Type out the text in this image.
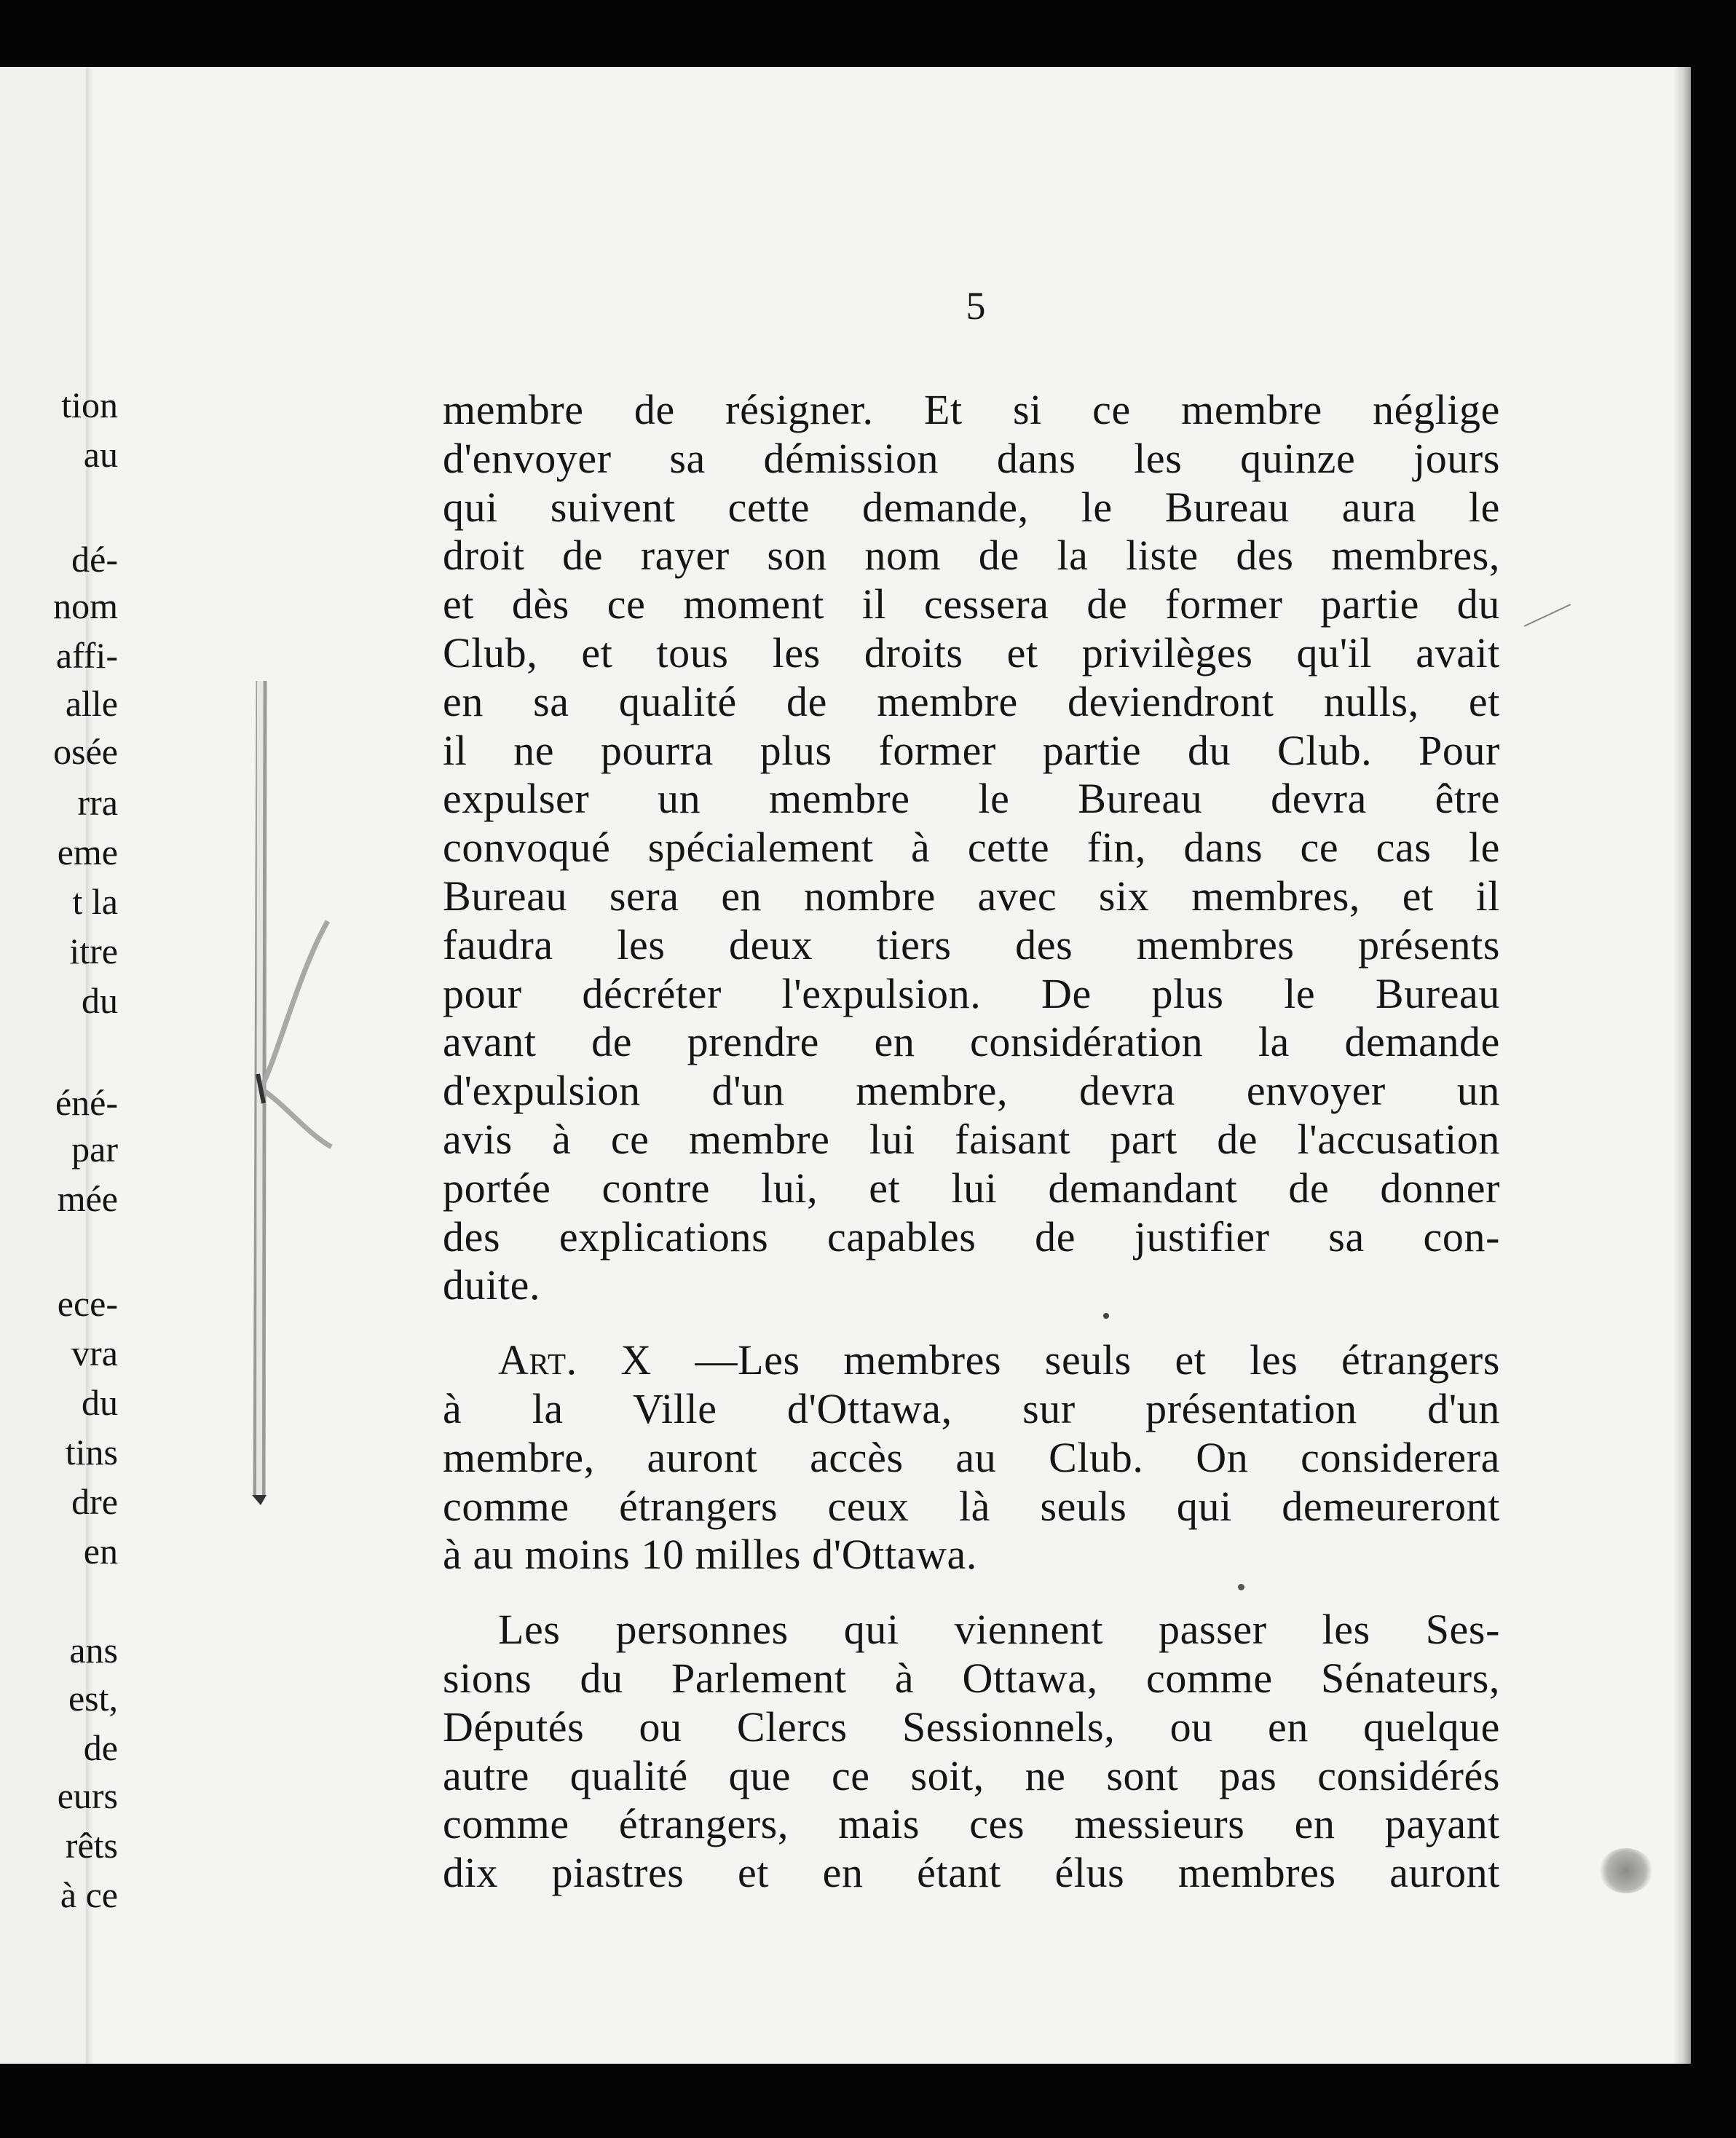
tion
au
dé-
nom
affi-
alle
osée
rra
eme
t la
itre
du
éné-
par
mée
ece-
vra
du
tins
dre
en
ans
est,
de
eurs
rêts
à ce
5
membre de résigner. Et si ce membre néglige
d'envoyer sa démission dans les quinze jours
qui suivent cette demande, le Bureau aura le
droit de rayer son nom de la liste des membres,
et dès ce moment il cessera de former partie du
Club, et tous les droits et privilèges qu'il avait
en sa qualité de membre deviendront nulls, et
il ne pourra plus former partie du Club. Pour
expulser un membre le Bureau devra être
convoqué spécialement à cette fin, dans ce cas le
Bureau sera en nombre avec six membres, et il
faudra les deux tiers des membres présents
pour décréter l'expulsion. De plus le Bureau
avant de prendre en considération la demande
d'expulsion d'un membre, devra envoyer un
avis à ce membre lui faisant part de l'accusation
portée contre lui, et lui demandant de donner
des explications capables de justifier sa con-
duite.
Art. X —Les membres seuls et les étrangers
à la Ville d'Ottawa, sur présentation d'un
membre, auront accès au Club. On considerera
comme étrangers ceux là seuls qui demeureront
à au moins 10 milles d'Ottawa.
Les personnes qui viennent passer les Ses-
sions du Parlement à Ottawa, comme Sénateurs,
Députés ou Clercs Sessionnels, ou en quelque
autre qualité que ce soit, ne sont pas considérés
comme étrangers, mais ces messieurs en payant
dix piastres et en étant élus membres auront
